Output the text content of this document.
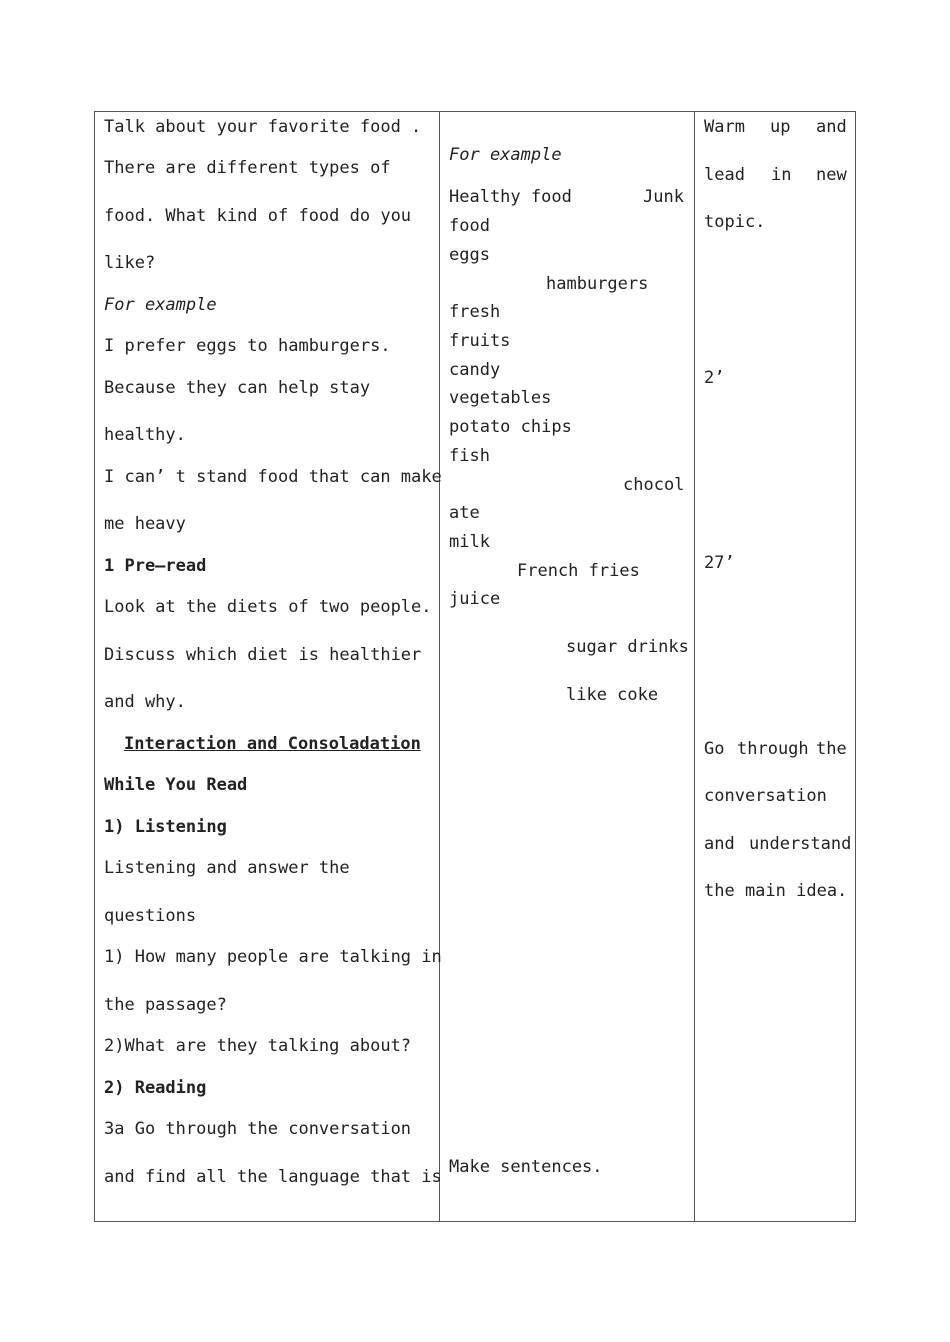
Talk about your favorite food .
There are different types of
food. What kind of food do you
like?
For example
I prefer eggs to hamburgers.
Because they can help stay
healthy.
I can’ t stand food that can make
me heavy
1 Pre—read
Look at the diets of two people.
Discuss which diet is healthier
and why.
Interaction and Consoladation
While You Read
1) Listening
Listening and answer the
questions
1) How many people are talking in
the passage?
2)What are they talking about?
2) Reading
3a Go through the conversation
and find all the language that is
For example
Healthy food	Junk
food
eggs
hamburgers
fresh
fruits
candy
vegetables
potato chips
fish
chocol
ate
milk
French fries
juice
sugar drinks
like coke
Make sentences.
Warm up and
lead in new
topic.
2’
27’
Go through the
conversation
and understand
the main idea.
